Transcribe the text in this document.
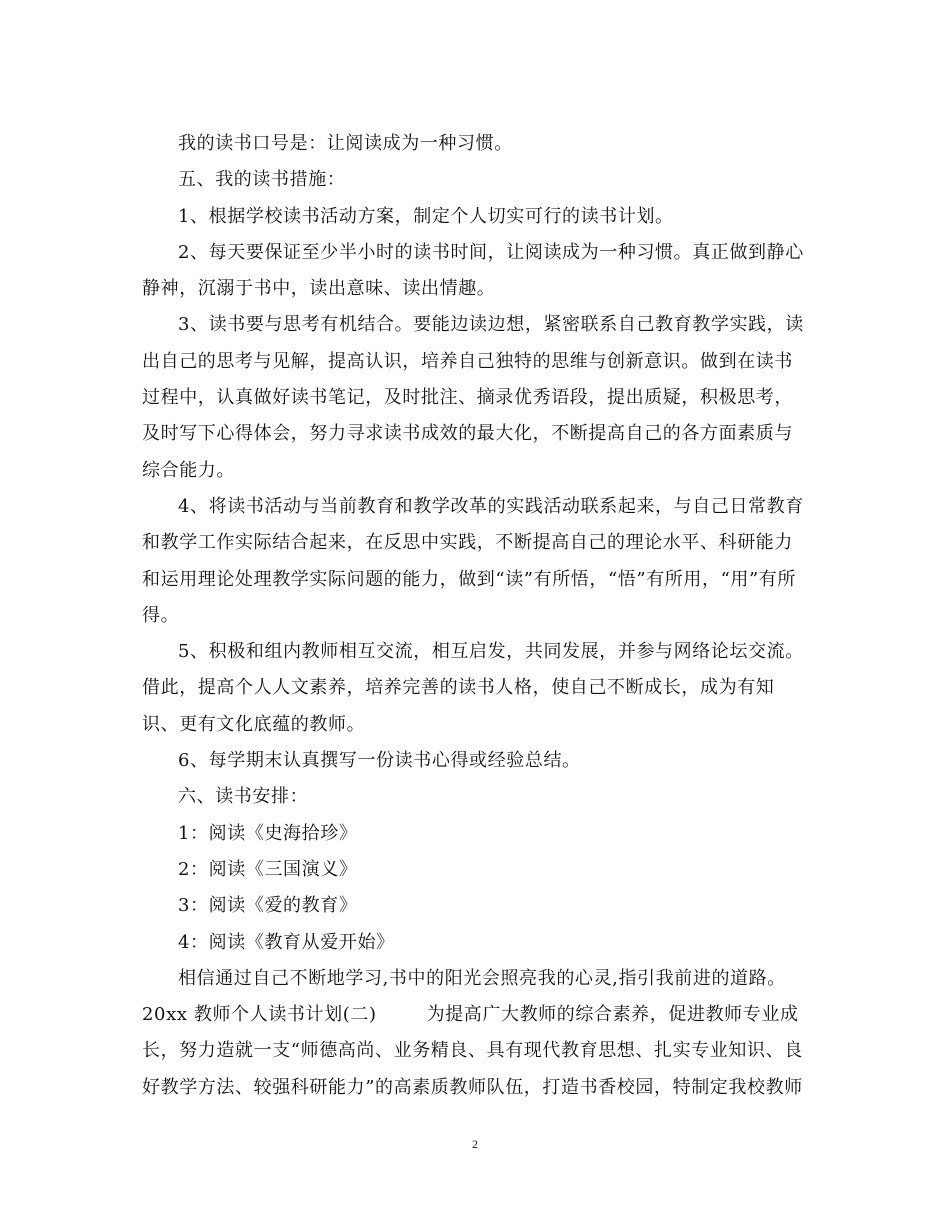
我的读书口号是：让阅读成为一种习惯。
五、我的读书措施：
1、根据学校读书活动方案，制定个人切实可行的读书计划。
2、每天要保证至少半小时的读书时间，让阅读成为一种习惯。真正做到静心
静神，沉溺于书中，读出意味、读出情趣。
3、读书要与思考有机结合。要能边读边想，紧密联系自己教育教学实践，读
出自己的思考与见解，提高认识，培养自己独特的思维与创新意识。做到在读书
过程中，认真做好读书笔记，及时批注、摘录优秀语段，提出质疑，积极思考，
及时写下心得体会，努力寻求读书成效的最大化，不断提高自己的各方面素质与
综合能力。
4、将读书活动与当前教育和教学改革的实践活动联系起来，与自己日常教育
和教学工作实际结合起来，在反思中实践，不断提高自己的理论水平、科研能力
和运用理论处理教学实际问题的能力，做到“读”有所悟，“悟”有所用，“用”有所
得。
5、积极和组内教师相互交流，相互启发，共同发展，并参与网络论坛交流。
借此，提高个人人文素养，培养完善的读书人格，使自己不断成长，成为有知
识、更有文化底蕴的教师。
6、每学期末认真撰写一份读书心得或经验总结。
六、读书安排：
1：阅读《史海拾珍》
2：阅读《三国演义》
3：阅读《爱的教育》
4：阅读《教育从爱开始》
相信通过自己不断地学习,书中的阳光会照亮我的心灵,指引我前进的道路。
20xx 教师个人读书计划(二)	为提高广大教师的综合素养，促进教师专业成
长，努力造就一支“师德高尚、业务精良、具有现代教育思想、扎实专业知识、良
好教学方法、较强科研能力”的高素质教师队伍，打造书香校园，特制定我校教师
2
